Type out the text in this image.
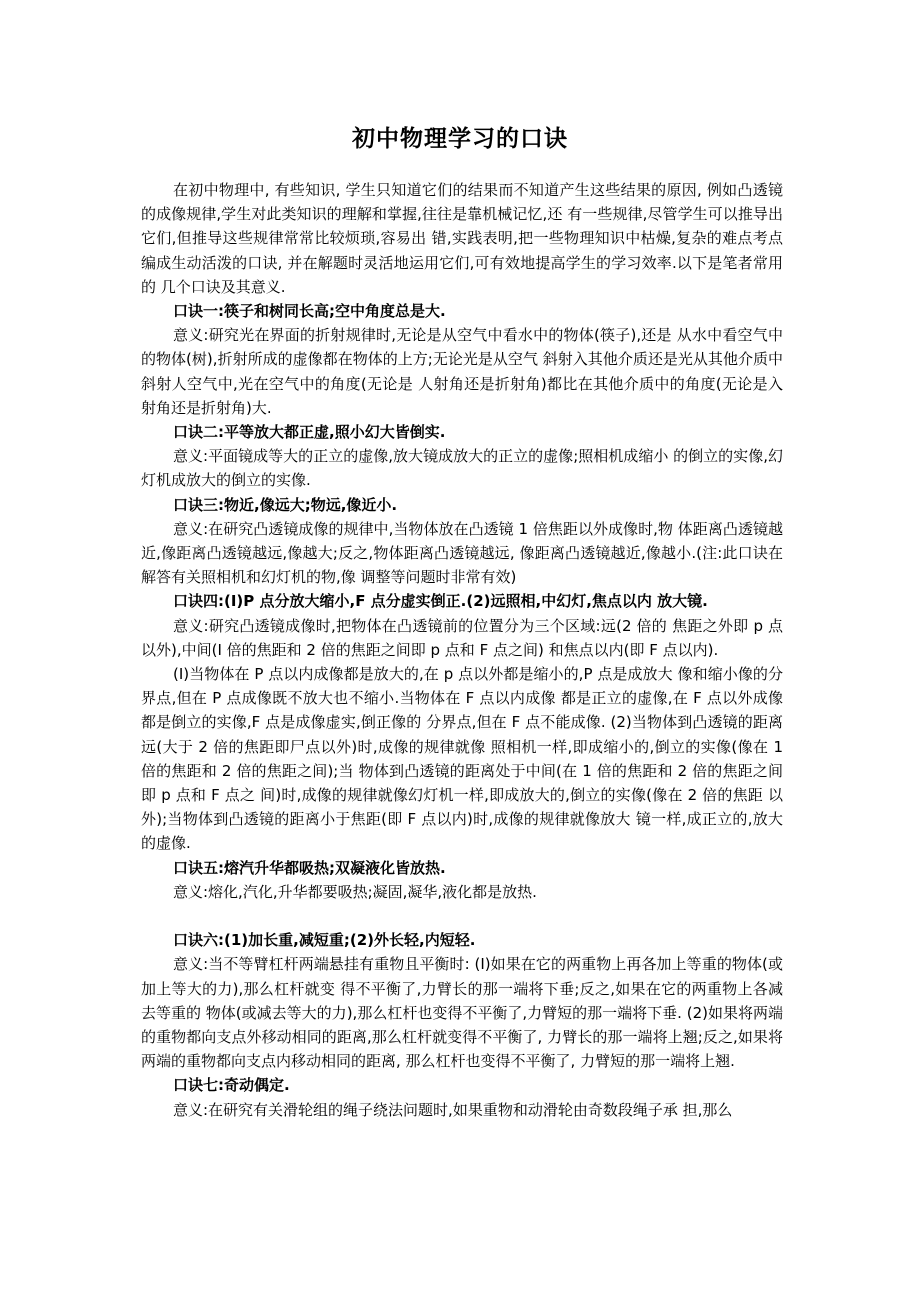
初中物理学习的口诀

在初中物理中, 有些知识, 学生只知道它们的结果而不知道产生这些结果的原因, 例如凸透镜的成像规律,学生对此类知识的理解和掌握,往往是靠机械记忆,还 有一些规律,尽管学生可以推导出它们,但推导这些规律常常比较烦琐,容易出 错,实践表明,把一些物理知识中枯燥,复杂的难点考点编成生动活泼的口诀, 并在解题时灵活地运用它们,可有效地提高学生的学习效率.以下是笔者常用的 几个口诀及其意义.

口诀一:筷子和树同长高;空中角度总是大.

意义:研究光在界面的折射规律时,无论是从空气中看水中的物体(筷子),还是 从水中看空气中的物体(树),折射所成的虚像都在物体的上方;无论光是从空气 斜射入其他介质还是光从其他介质中斜射人空气中,光在空气中的角度(无论是 人射角还是折射角)都比在其他介质中的角度(无论是入射角还是折射角)大.

口诀二:平等放大都正虚,照小幻大皆倒实.

意义:平面镜成等大的正立的虚像,放大镜成放大的正立的虚像;照相机成缩小 的倒立的实像,幻灯机成放大的倒立的实像.

口诀三:物近,像远大;物远,像近小.

意义:在研究凸透镜成像的规律中,当物体放在凸透镜 1 倍焦距以外成像时,物 体距离凸透镜越近,像距离凸透镜越远,像越大;反之,物体距离凸透镜越远, 像距离凸透镜越近,像越小.(注:此口诀在解答有关照相机和幻灯机的物,像 调整等问题时非常有效)

口诀四:(I)P 点分放大缩小,F 点分虚实倒正.(2)远照相,中幻灯,焦点以内 放大镜.

意义:研究凸透镜成像时,把物体在凸透镜前的位置分为三个区域:远(2 倍的 焦距之外即 p 点以外),中间(I 倍的焦距和 2 倍的焦距之间即 p 点和 F 点之间) 和焦点以内(即 F 点以内).

(I)当物体在 P 点以内成像都是放大的,在 p 点以外都是缩小的,P 点是成放大 像和缩小像的分界点,但在 P 点成像既不放大也不缩小.当物体在 F 点以内成像 都是正立的虚像,在 F 点以外成像都是倒立的实像,F 点是成像虚实,倒正像的 分界点,但在 F 点不能成像. (2)当物体到凸透镜的距离远(大于 2 倍的焦距即尸点以外)时,成像的规律就像 照相机一样,即成缩小的,倒立的实像(像在 1 倍的焦距和 2 倍的焦距之间);当 物体到凸透镜的距离处于中间(在 1 倍的焦距和 2 倍的焦距之间即 p 点和 F 点之 间)时,成像的规律就像幻灯机一样,即成放大的,倒立的实像(像在 2 倍的焦距 以外);当物体到凸透镜的距离小于焦距(即 F 点以内)时,成像的规律就像放大 镜一样,成正立的,放大的虚像.

口诀五:熔汽升华都吸热;双凝液化皆放热.

意义:熔化,汽化,升华都要吸热;凝固,凝华,液化都是放热.

口诀六:(1)加长重,减短重;(2)外长轻,内短轻.

意义:当不等臂杠杆两端悬挂有重物且平衡时: (I)如果在它的两重物上再各加上等重的物体(或加上等大的力),那么杠杆就变 得不平衡了,力臂长的那一端将下垂;反之,如果在它的两重物上各减去等重的 物体(或减去等大的力),那么杠杆也变得不平衡了,力臂短的那一端将下垂. (2)如果将两端的重物都向支点外移动相同的距离,那么杠杆就变得不平衡了, 力臂长的那一端将上翘;反之,如果将两端的重物都向支点内移动相同的距离, 那么杠杆也变得不平衡了, 力臂短的那一端将上翘.

口诀七:奇动偶定.

意义:在研究有关滑轮组的绳子绕法问题时,如果重物和动滑轮由奇数段绳子承 担,那么
